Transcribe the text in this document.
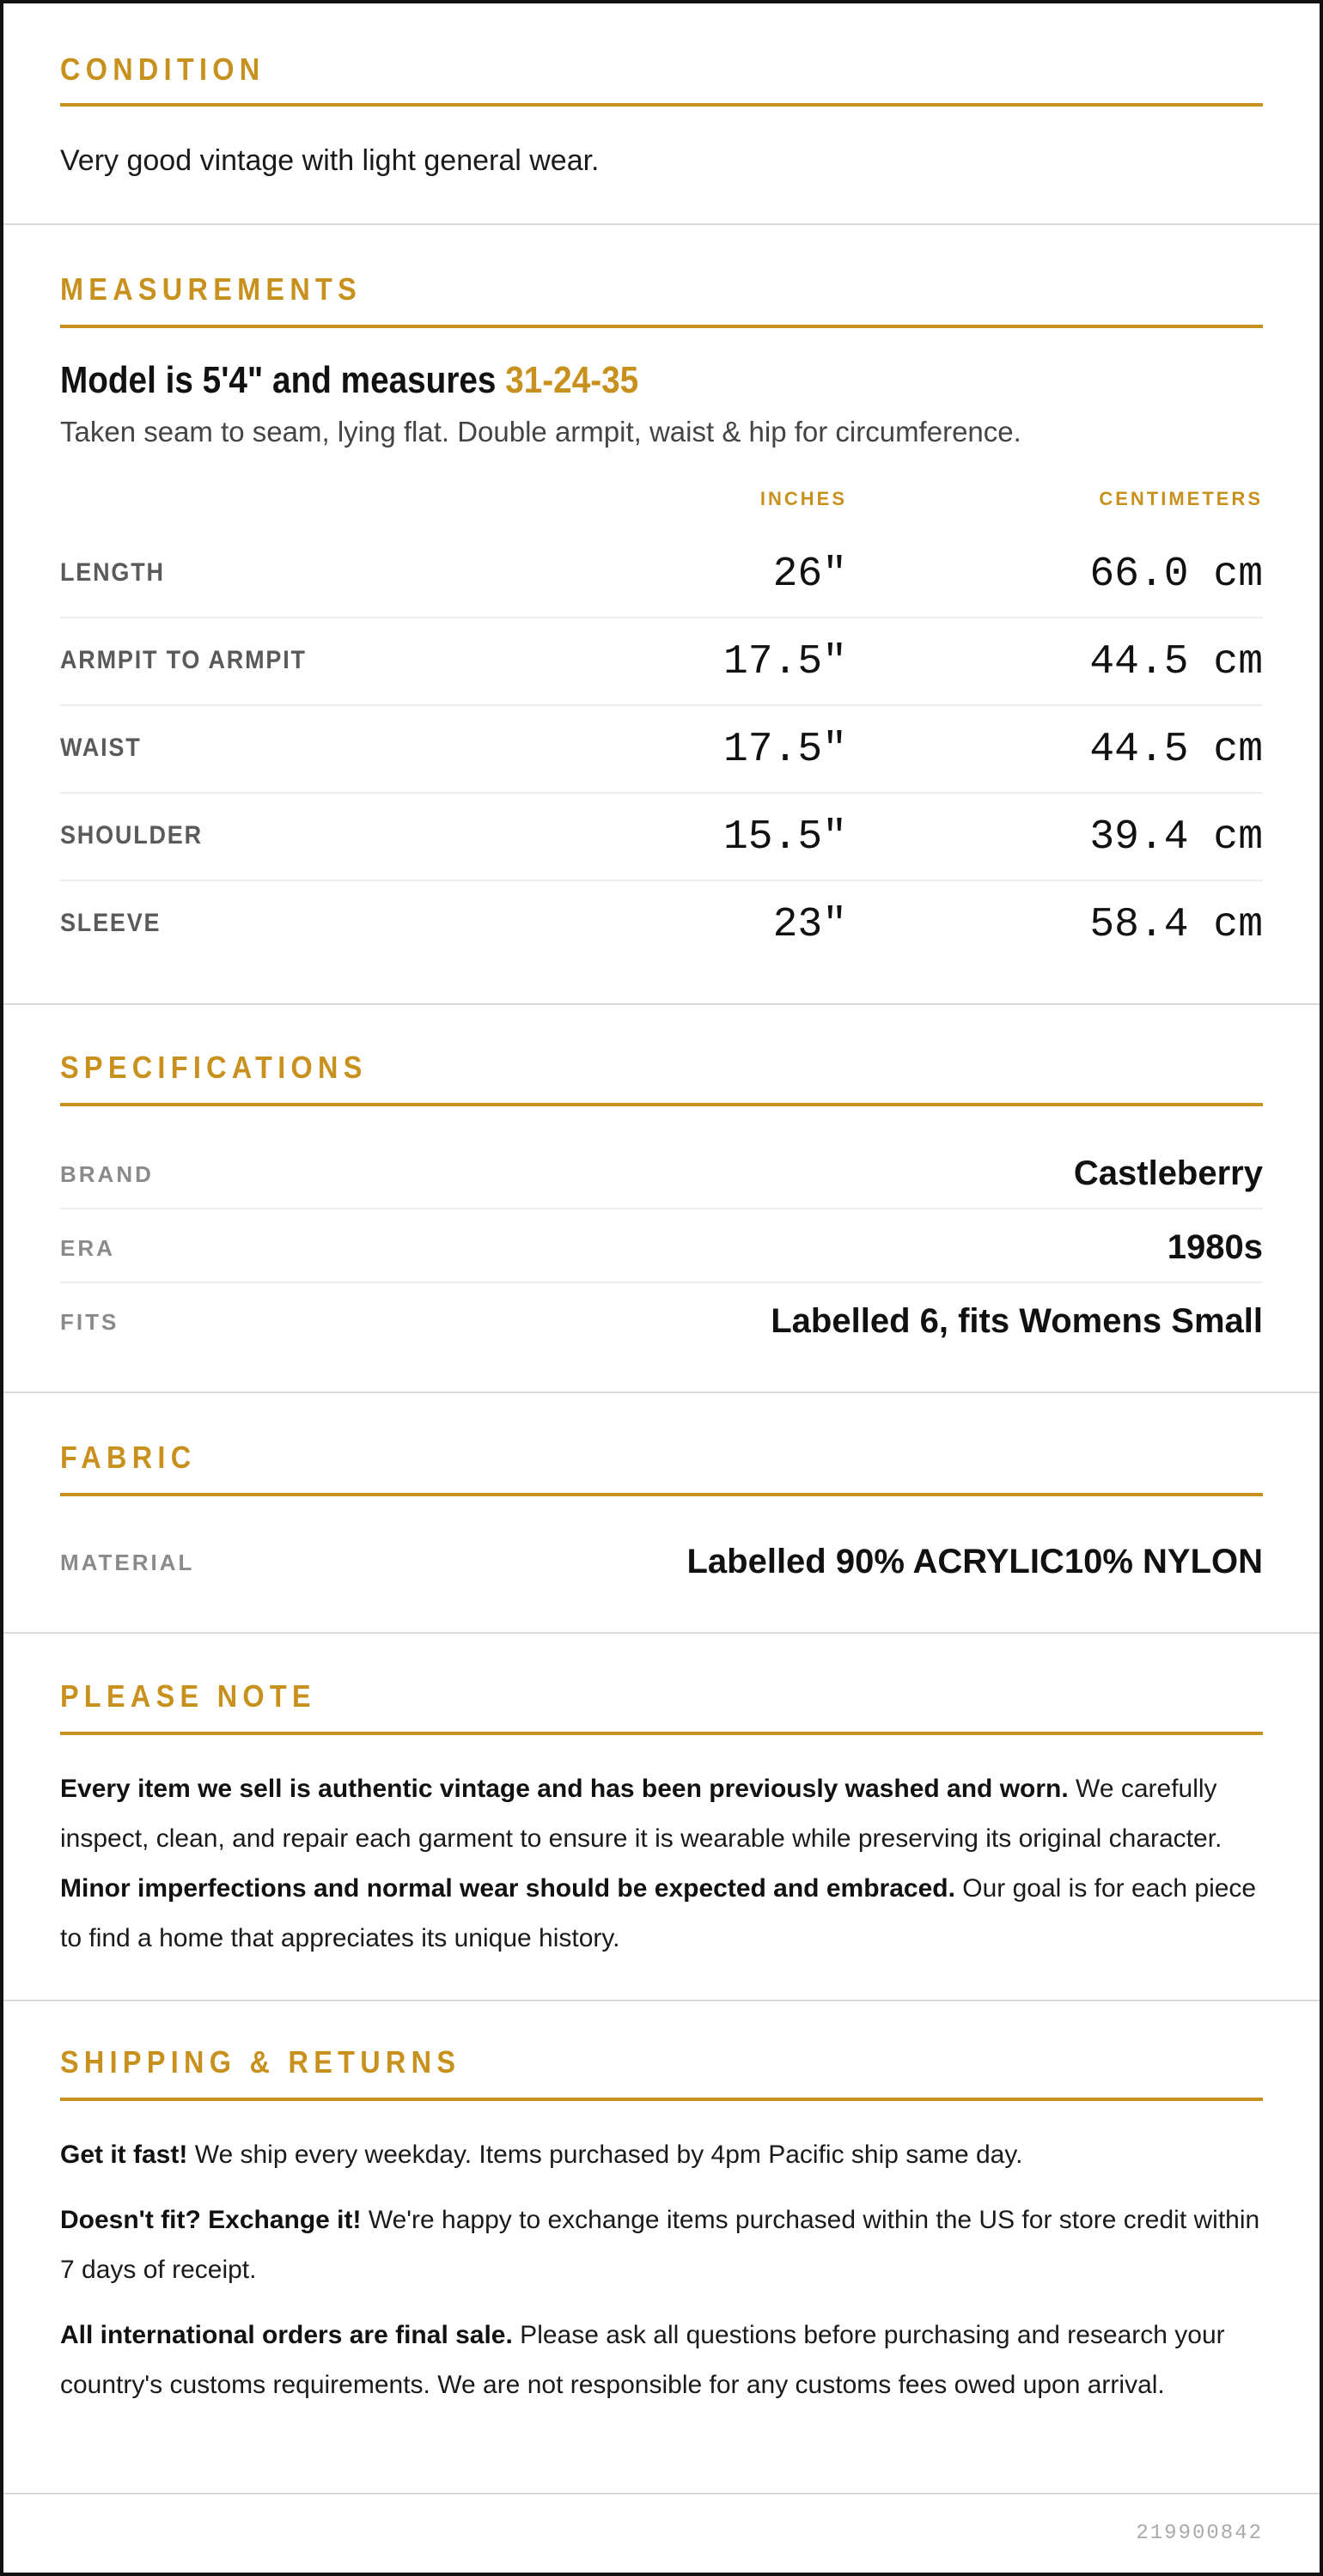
CONDITION
Very good vintage with light general wear.
MEASUREMENTS
Model is 5'4" and measures 31-24-35
Taken seam to seam, lying flat. Double armpit, waist & hip for circumference.
INCHES	CENTIMETERS
LENGTH	26"	66.0 cm
ARMPIT TO ARMPIT	17.5"	44.5 cm
WAIST	17.5"	44.5 cm
SHOULDER	15.5"	39.4 cm
SLEEVE	23"	58.4 cm
SPECIFICATIONS
BRAND	Castleberry
ERA	1980s
FITS	Labelled 6, fits Womens Small
FABRIC
MATERIAL	Labelled 90% ACRYLIC10% NYLON
PLEASE NOTE
Every item we sell is authentic vintage and has been previously washed and worn. We carefully inspect, clean, and repair each garment to ensure it is wearable while preserving its original character. Minor imperfections and normal wear should be expected and embraced. Our goal is for each piece to find a home that appreciates its unique history.
SHIPPING & RETURNS
Get it fast! We ship every weekday. Items purchased by 4pm Pacific ship same day.
Doesn't fit? Exchange it! We're happy to exchange items purchased within the US for store credit within 7 days of receipt.
All international orders are final sale. Please ask all questions before purchasing and research your country's customs requirements. We are not responsible for any customs fees owed upon arrival.
219900842
